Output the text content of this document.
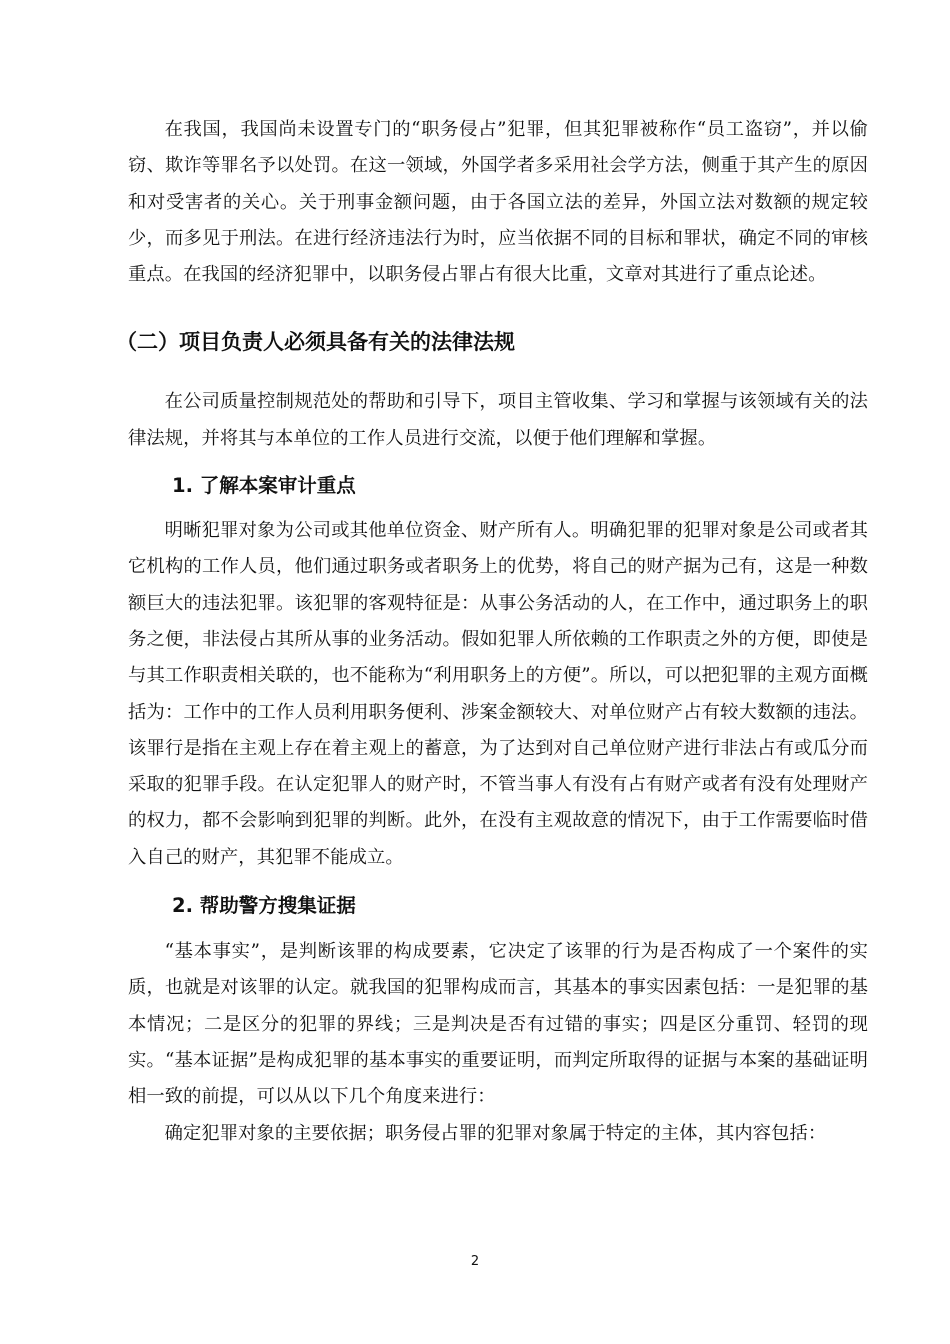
在我国，我国尚未设置专门的“职务侵占”犯罪，但其犯罪被称作“员工盗窃”，并以偷窃、欺诈等罪名予以处罚。在这一领域，外国学者多采用社会学方法，侧重于其产生的原因和对受害者的关心。关于刑事金额问题，由于各国立法的差异，外国立法对数额的规定较少，而多见于刑法。在进行经济违法行为时，应当依据不同的目标和罪状，确定不同的审核重点。在我国的经济犯罪中，以职务侵占罪占有很大比重，文章对其进行了重点论述。

（二）项目负责人必须具备有关的法律法规

在公司质量控制规范处的帮助和引导下，项目主管收集、学习和掌握与该领域有关的法律法规，并将其与本单位的工作人员进行交流，以便于他们理解和掌握。

1. 了解本案审计重点

明晰犯罪对象为公司或其他单位资金、财产所有人。明确犯罪的犯罪对象是公司或者其它机构的工作人员，他们通过职务或者职务上的优势，将自己的财产据为己有，这是一种数额巨大的违法犯罪。该犯罪的客观特征是：从事公务活动的人，在工作中，通过职务上的职务之便，非法侵占其所从事的业务活动。假如犯罪人所依赖的工作职责之外的方便，即使是与其工作职责相关联的，也不能称为“利用职务上的方便”。所以，可以把犯罪的主观方面概括为：工作中的工作人员利用职务便利、涉案金额较大、对单位财产占有较大数额的违法。该罪行是指在主观上存在着主观上的蓄意，为了达到对自己单位财产进行非法占有或瓜分而采取的犯罪手段。在认定犯罪人的财产时，不管当事人有没有占有财产或者有没有处理财产的权力，都不会影响到犯罪的判断。此外，在没有主观故意的情况下，由于工作需要临时借入自己的财产，其犯罪不能成立。

2. 帮助警方搜集证据

“基本事实”，是判断该罪的构成要素，它决定了该罪的行为是否构成了一个案件的实质，也就是对该罪的认定。就我国的犯罪构成而言，其基本的事实因素包括：一是犯罪的基本情况；二是区分的犯罪的界线；三是判决是否有过错的事实；四是区分重罚、轻罚的现实。“基本证据”是构成犯罪的基本事实的重要证明，而判定所取得的证据与本案的基础证明相一致的前提，可以从以下几个角度来进行：

确定犯罪对象的主要依据；职务侵占罪的犯罪对象属于特定的主体，其内容包括：

2
